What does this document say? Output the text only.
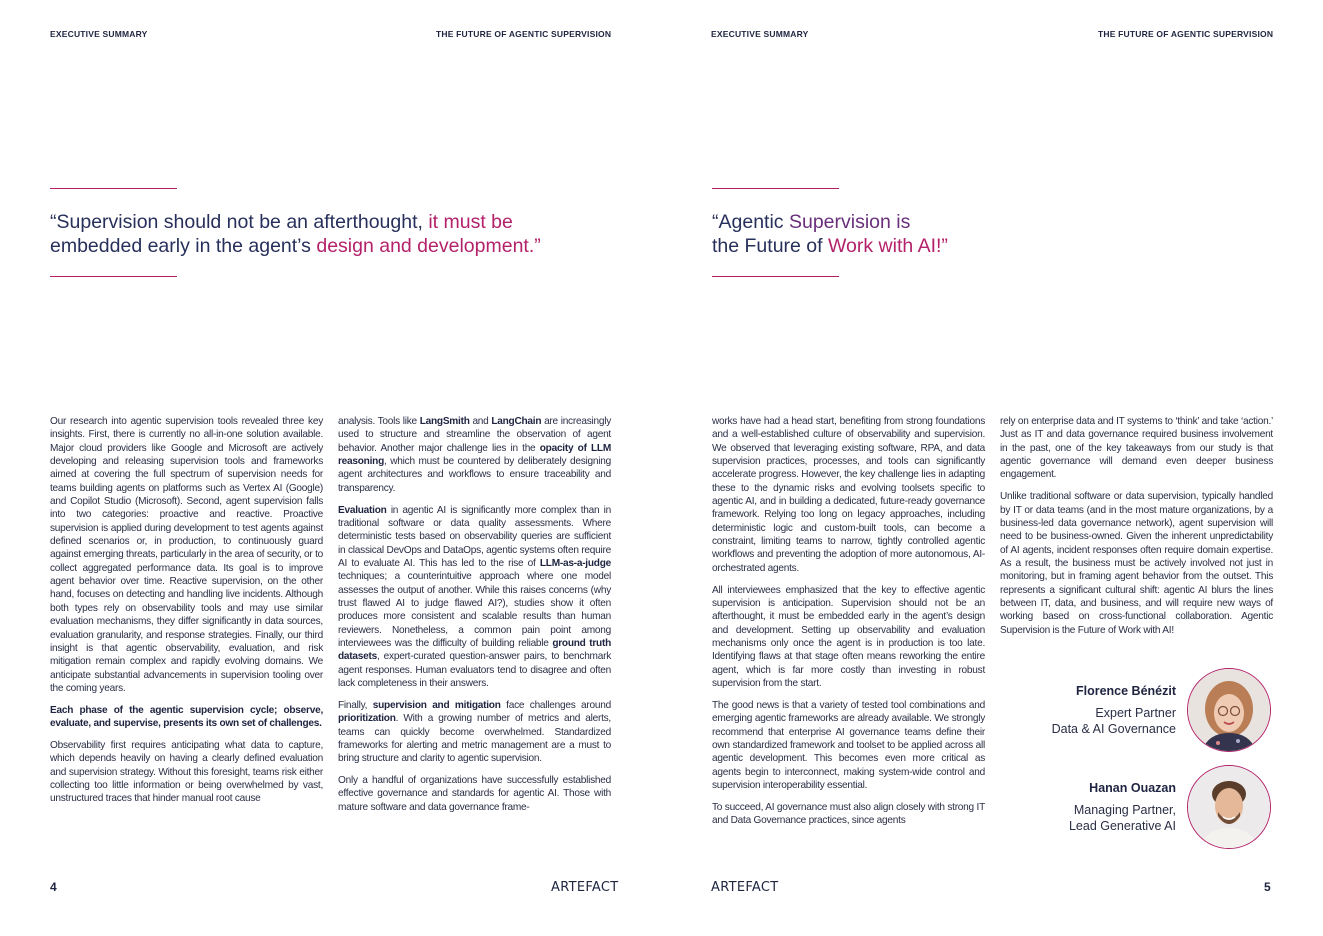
EXECUTIVE SUMMARY	THE FUTURE OF AGENTIC SUPERVISION
“Supervision should not be an afterthought, it must be
embedded early in the agent’s design and development.”

Our research into agentic supervision tools revealed three key insights. First, there is currently no all-in-one solution available. Major cloud providers like Google and Microsoft are actively developing and releasing supervision tools and frameworks aimed at covering the full spectrum of supervision needs for teams building agents on platforms such as Vertex AI (Google) and Copilot Studio (Microsoft). Second, agent supervision falls into two categories: proactive and reactive. Proactive supervision is applied during development to test agents against defined scenarios or, in production, to continuously guard against emerging threats, particularly in the area of security, or to collect aggregated performance data. Its goal is to improve agent behavior over time. Reactive supervision, on the other hand, focuses on detecting and handling live incidents. Although both types rely on observability tools and may use similar evaluation mechanisms, they differ significantly in data sources, evaluation granularity, and response strategies. Finally, our third insight is that agentic observability, evaluation, and risk mitigation remain complex and rapidly evolving domains. We anticipate substantial advancements in supervision tooling over the coming years.

Each phase of the agentic supervision cycle; observe, evaluate, and supervise, presents its own set of challenges.

Observability first requires anticipating what data to capture, which depends heavily on having a clearly defined evaluation and supervision strategy. Without this foresight, teams risk either collecting too little information or being overwhelmed by vast, unstructured traces that hinder manual root cause

analysis. Tools like LangSmith and LangChain are increasingly used to structure and streamline the observation of agent behavior. Another major challenge lies in the opacity of LLM reasoning, which must be countered by deliberately designing agent architectures and workflows to ensure traceability and transparency.

Evaluation in agentic AI is significantly more complex than in traditional software or data quality assessments. Where deterministic tests based on observability queries are sufficient in classical DevOps and DataOps, agentic systems often require AI to evaluate AI. This has led to the rise of LLM-as-a-judge techniques; a counterintuitive approach where one model assesses the output of another. While this raises concerns (why trust flawed AI to judge flawed AI?), studies show it often produces more consistent and scalable results than human reviewers. Nonetheless, a common pain point among interviewees was the difficulty of building reliable ground truth datasets, expert-curated question-answer pairs, to benchmark agent responses. Human evaluators tend to disagree and often lack completeness in their answers.

Finally, supervision and mitigation face challenges around prioritization. With a growing number of metrics and alerts, teams can quickly become overwhelmed. Standardized frameworks for alerting and metric management are a must to bring structure and clarity to agentic supervision.

Only a handful of organizations have successfully established effective governance and standards for agentic AI. Those with mature software and data governance frame-

4	ARTEFACT
EXECUTIVE SUMMARY	THE FUTURE OF AGENTIC SUPERVISION
“Agentic Supervision is
the Future of Work with AI!”

works have had a head start, benefiting from strong foundations and a well-established culture of observability and supervision. We observed that leveraging existing software, RPA, and data supervision practices, processes, and tools can significantly accelerate progress. However, the key challenge lies in adapting these to the dynamic risks and evolving toolsets specific to agentic AI, and in building a dedicated, future-ready governance framework. Relying too long on legacy approaches, including deterministic logic and custom-built tools, can become a constraint, limiting teams to narrow, tightly controlled agentic workflows and preventing the adoption of more autonomous, AI-orchestrated agents.

All interviewees emphasized that the key to effective agentic supervision is anticipation. Supervision should not be an afterthought, it must be embedded early in the agent’s design and development. Setting up observability and evaluation mechanisms only once the agent is in production is too late. Identifying flaws at that stage often means reworking the entire agent, which is far more costly than investing in robust supervision from the start.

The good news is that a variety of tested tool combinations and emerging agentic frameworks are already available. We strongly recommend that enterprise AI governance teams define their own standardized framework and toolset to be applied across all agentic development. This becomes even more critical as agents begin to interconnect, making system-wide control and supervision interoperability essential.

To succeed, AI governance must also align closely with strong IT and Data Governance practices, since agents

rely on enterprise data and IT systems to ‘think’ and take ‘action.’ Just as IT and data governance required business involvement in the past, one of the key takeaways from our study is that agentic governance will demand even deeper business engagement.

Unlike traditional software or data supervision, typically handled by IT or data teams (and in the most mature organizations, by a business-led data governance network), agent supervision will need to be business-owned. Given the inherent unpredictability of AI agents, incident responses often require domain expertise. As a result, the business must be actively involved not just in monitoring, but in framing agent behavior from the outset. This represents a significant cultural shift: agentic AI blurs the lines between IT, data, and business, and will require new ways of working based on cross-functional collaboration. Agentic Supervision is the Future of Work with AI!

Florence Bénézit
Expert Partner
Data & AI Governance
Hanan Ouazan
Managing Partner,
Lead Generative AI
ARTEFACT	5
